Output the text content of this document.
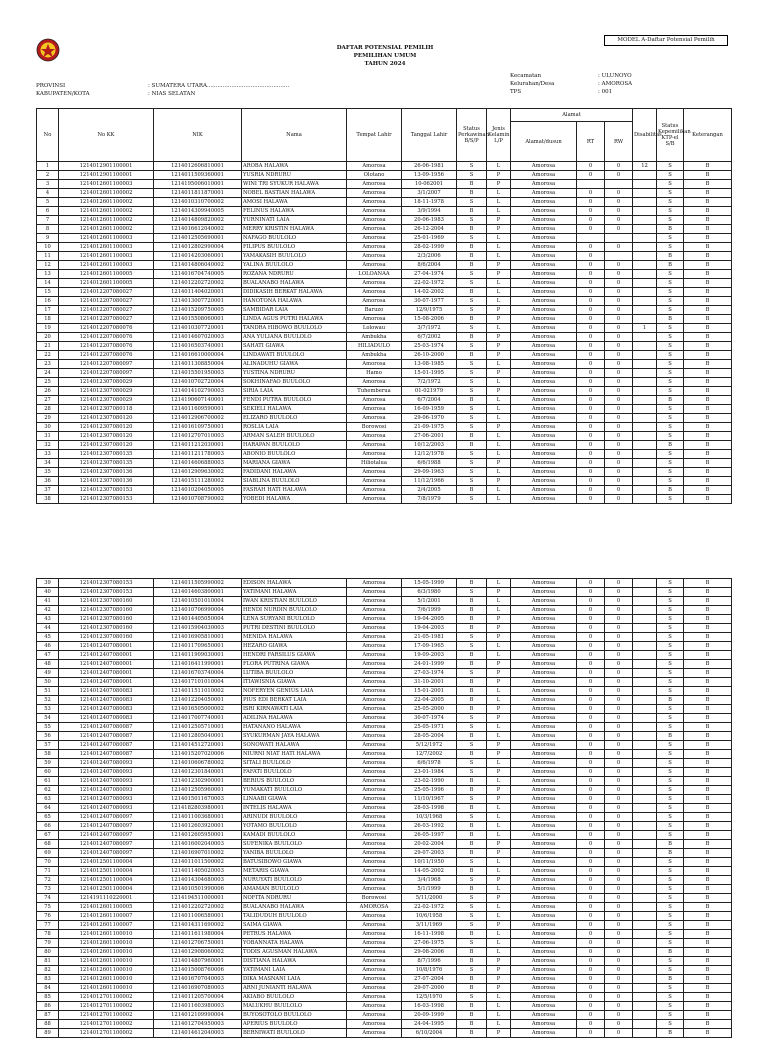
MODEL A-Daftar Potensial Pemilih
DAFTAR POTENSIAL PEMILIH
PEMILIHAN UMUM
TAHUN 2024
PROVINSI	: SUMATERA UTARA...............................................
KABUPATEN/KOTA	: NIAS SELATAN
Kecamatan	: ULUNOYO
Kelurahan/Desa	: AMOROSA
TPS	: 001
No	No KK	NIK	Nama	Tempat Lahir	Tanggal Lahir	Status Perkawinan B/S/P	Jenis Kelamin L/P	Alamat			Disabilitas	Status Kepemilikan KTP-el S/B	Keterangan
								Alamat/dusun	RT	RW			
1	1214012901100001	1214012606810001	AROBA HALAWA	Amorosa	26-06-1981	S	L	Amorosa	0	0	12	S	B
2	1214012901100001	1214011509360001	YUSRIA NDRURU	Olotano	13-09-1956	S	P	Amorosa	0	0		S	B
3	1214012601100003	1214195006010001	WINI TRI SYUKUR HALAWA	Amorosa	10-062001	B	P	Amorosa				S	B
4	1214012601100002	1214011811870001	NOBEL BASTIAN HALAWA	Amorosa	3/1/2007	B	L	Amorosa	0	0		S	B
5	1214012601100002	1214010310700002	AMOSI HALAWA	Amorosa	18-11-1978	S	L	Amorosa	0	0		S	B
6	1214012601100002	1214014309940005	FELINUS HALAWA	Amorosa	3/9/1994	B	L	Amorosa	0	0		S	B
7	1214012601100002	1214014809820002	YURNINATI LAIA	Amorosa	20-06-1983	S	P	Amorosa	0	0		S	B
8	1214012601100002	1214016612040002	MERRY KRISTIN HALAWA	Amorosa	26-12-2004	B	P	Amorosa	0	0		B	B
9	1214012601100003	1214012505690001	NAFAGO BUULOLO	Amorosa	25-01-1969	S	L	Amorosa				S	B
10	1214012601100003	1214012802990004	FILIPUS BUULOLO	Amorosa	28-02-1999	B	L	Amorosa	0	0		S	B
11	1214012601100003	1214014203060001	YAMAKASIH BUULOLO	Amorosa	2/3/2006	B	L	Amorosa	0			B	B
12	1214012601100003	1214014806040002	YALINA BUULOLO	Amorosa	8/6/2004	B	P	Amorosa	0	0		B	B
13	1214012601100005	1214016704740005	ROZANA NDRURU	LOLOANAA	27-04-1974	S	P	Amorosa	0	0		S	B
14	1214012601100005	1214012202720002	BUALANABO HALAWA	Amorosa	22-02-1972	S	L	Amorosa	0	0		S	B
15	1214012207080027	1214011404020001	DIDIKASIH BERKAT HALAWA	Amorosa	14-02-2002	B	L	Amorosa	0	0		S	B
16	1214012207080027	1214013007720001	HANOTONA HALAWA	Amorosa	30-07-1977	S	L	Amorosa	0	0		S	B
17	1214012207080027	1214015209750005	SAMBIDAR LAIA	Baruzo	12/9/1975	S	P	Amorosa	0	0		S	B
18	1214012207080027	1214015508060001	LINDA AGUS PUTRI HALAWA	Amorosa	15-08-2006	B	P	Amorosa	0	0		B	B
19	1214012207080076	1214010307720001	TANDRA HIBOWO BUULOLO	Lolowau	3/7/1972	S	L	Amorosa	0	0	1	S	B
20	1214012207080076	1214014607020003	ANA YULIANA BUULOLO	Ambukha	6/7/2002	B	P	Amorosa	0	0		S	B
21	1214012207080076	1214016503740001	SAHATI GIAWA	HILIADULO	25-03-1974	S	P	Amorosa	0	0		S	B
22	1214012207080076	1214016610000004	LINDAWATI BUULOLO	Ambukha	26-10-2000	B	P	Amorosa	0	0		S	B
23	1214012207080097	1214011308850004	ALINADUHU GIAWA	Amorosa	13-08-1985	S	L	Amorosa	0	0		S	B
24	1214012207080097	1214015501950003	YUSTINA NDRURU	Hamo	15-01-1995	S	P	Amorosa	0	0		S	B
25	1214012307080029	1214010702720004	SOKHINAFAO BUULOLO	Amorosa	7/2/1972	S	L	Amorosa	0	0		S	B
26	1214012307080029	1214014102790003	SIRIA LAIA	Tuhemberua	01-021979	S	P	Amorosa	0	0		S	B
27	1214012307080029	1214190607140001	FENDI PUTRA BUULOLO	Amorosa	6/7/2004	B	L	Amorosa	0	0		B	B
28	1214012307080118	1214011609590001	SEKIELI HALAWA	Amorosa	16-09-1959	S	L	Amorosa	0	0		S	B
29	1214012307080120	1214012906700002	ELIZARO BUULOLO	Amorosa	29-06-1970	S	L	Amorosa	0	0		S	B
30	1214012307080120	1214016109750001	ROSLIA LAIA	Borowosi	21-09-1975	S	P	Amorosa	0	0		S	B
31	1214012307080120	1214012707010003	ARMAN SALEH BUULOLO	Amorosa	27-06-2001	B	L	Amorosa	0	0		S	B
32	1214012307080120	1214011212030001	HARAPAN BUULOLO	Amorosa	10/12/2003	B	L	Amorosa	0	0		B	B
33	1214012307080135	1214011211780003	ABONIO BUULOLO	Amorosa	12/12/1978	S	L	Amorosa	0	0		S	B
34	1214012307080135	1214014606880003	MARIANA GIAWA	Hiliotalua	6/6/1988	S	P	Amorosa	0	0		S	B
35	1214012307080136	1214012909630002	FADIDANI HALAWA	Amorosa	29-09-1963	S	L	Amorosa	0	0		S	B
36	1214012307080136	1214015111280002	SIABLINA BUULOLO	Amorosa	11/12/1966	S	P	Amorosa	0	0		S	B
37	1214012307080153	1214010204050005	FASRAH HATI HALAWA	Amorosa	2/4/2005	B	L	Amorosa	0	0		B	B
38	1214012307080153	1214010708790002	YOBEDI HALAWA	Amorosa	7/8/1979	S	L	Amorosa	0	0		S	B
39	1214012307080153	1214011505990002	EDISON HALAWA	Amorosa	15-05-1999	B	L	Amorosa	0	0		S	B
40	1214012307080153	1214014603800001	YATIMANI HALAWA	Amorosa	6/3/1980	S	P	Amorosa	0	0		S	B
41	1214012307080160	1214010501010004	IWAN KRISTIAN BUULOLO	Amorosa	5/1/2001	B	L	Amorosa	0	0		S	B
42	1214012307080160	1214010706990004	HENDI NURDIN BUULOLO	Amorosa	7/6/1999	B	L	Amorosa	0	0		S	B
43	1214012307080160	1214014405050004	LENA SURYANI BUULOLO	Amorosa	19-04-2005	B	P	Amorosa	0	0		S	B
44	1214012307080160	1214015904030003	PUTRI DESTINI BUULOLO	Amorosa	19-04-2003	B	P	Amorosa	0	0		S	B
45	1214012307080160	1214016905810001	MENIDA HALAWA	Amorosa	21-05-1981	S	P	Amorosa	0	0		S	B
46	1214012407080001	1214011709650001	HEZARO GIAWA	Amorosa	17-09-1965	S	L	Amorosa	0	0		S	B
47	1214012407080001	1214011909030001	HENDRI FARSILUS GIAWA	Amorosa	19-09-2003	B	L	Amorosa	0	0		S	B
48	1214012407080001	1214016411990001	FLORA PUTRINA GIAWA	Amorosa	24-01-1999	B	P	Amorosa	0	0		S	B
49	1214012407080001	1214016703740004	LUTIBA BUULOLO	Amorosa	27-03-1974	S	P	Amorosa	0	0		S	B
50	1214012407080001	1214017101010004	ITIAWISNIA GIAWA	Amorosa	31-10-2001	B	P	Amorosa	0	0		S	B
51	1214012407080083	1214011511010002	NOFERYEN GENIUS LAIA	Amorosa	15-01-2001	B	L	Amorosa	0	0		S	B
52	1214012407080083	1214012204050001	PIUS EDI BERKAT LAIA	Amorosa	22-04-2005	B	L	Amorosa	0	0		B	B
53	1214012407080083	1214016505000002	ISRI KIRNAWATI LAIA	Amorosa	25-05-2000	B	P	Amorosa	0	0		S	B
54	1214012407080083	1214017007740001	ADILINA HALAWA	Amorosa	30-07-1974	S	P	Amorosa	0	0		S	B
55	1214012407080087	1214012505710001	HATANANO HALAWA	Amorosa	25-05-1971	S	L	Amorosa	0	0		S	B
56	1214012407080087	1214012805040001	SYUKURMAN JAYA HALAWA	Amorosa	28-05-2004	B	L	Amorosa	0	0		B	B
57	1214012407080087	1214014512720001	SONOWATI HALAWA	Amorosa	5/12/1972	S	P	Amorosa	0	0		S	B
58	1214012407080087	1214015207020006	NIURNI NIAT HATI HALAWA	Amorosa	12/7/2002	B	P	Amorosa	0	0		S	B
59	1214012407080093	1214010606780002	SITALI BUULOLO	Amorosa	6/6/1978	S	L	Amorosa	0	0		S	B
60	1214012407080093	1214012301840001	FAFATI BUULOLO	Amorosa	23-01-1984	S	P	Amorosa	0	0		S	B
61	1214012407080093	1214012302900001	BERIUS BUULOLO	Amorosa	23-02-1990	B	L	Amorosa	0	0		S	B
62	1214012407080093	1214012505960001	YUMAKATI BUULOLO	Amorosa	25-05-1996	B	P	Amorosa	0	0		S	B
63	1214012407080093	1214015011670003	LINAABI GIAWA	Amorosa	11/10/1967	S	P	Amorosa	0	0		S	B
64	1214012407080093	1214182803980001	INTELIS HALAWA	Amorosa	28-03-1998	B	L	Amorosa	0	0		S	B
65	1214012407080097	1214011003680001	ARINUDI BUULOLO	Amorosa	10/3/1968	S	L	Amorosa	0	0		S	B
66	1214012407080097	1214012603920001	YOTAMO BUULOLO	Amorosa	26-03-1992	B	L	Amorosa	0	0		S	B
67	1214012407080097	1214012605950001	KAMADI BUULOLO	Amorosa	26-05-1997	B	L	Amorosa	0	0		S	B
68	1214012407080097	1214016002040003	SUFENIKA BUULOLO	Amorosa	20-02-2004	B	P	Amorosa	0	0		B	B
69	1214012407080097	1214016907010002	YANIBA BUULOLO	Amorosa	29-07-2003	B	P	Amorosa	0	0		B	B
70	1214012501100004	1214011011500002	BATUSIBOWO GIAWA	Amorosa	10/11/1950	S	L	Amorosa	0	0		S	B
71	1214012501100004	1214011405020003	METARIS GIAWA	Amorosa	14-05-2002	B	L	Amorosa	0	0		S	B
72	1214012501100004	1214014304680003	NURUYATI BUULOLO	Amorosa	3/4/1968	S	P	Amorosa	0	0		S	B
73	1214012501100004	1214010501990006	AMAMAN BUULOLO	Amorosa	5/1/1999	B	L	Amorosa	0	0		S	B
74	1214191110220001	1214194511000001	NOFITA NDRURU	Borowosi	5/11/2000	S	P	Amorosa	0	0		S	B
75	1214012601100005	1214012202720002	BUALANABO HALAWA	AMOROSA	22-02-1972	S	L	Amorosa	0	0		S	B
76	1214012601100007	1214011006580001	TALIDUDUH BUULOLO	Amorosa	10/6/1958	S	L	Amorosa	0	0		S	B
77	1214012601100007	1214014311690002	SAIMA GIAWA	Amorosa	3/11/1969	S	P	Amorosa	0	0		S	B
78	1214012601100010	1214011611980004	PETRUS HALAWA	Amorosa	16-11-1998	B	L	Amorosa	0	0		S	B
79	1214012601100010	1214012706750001	YOBANNATA HALAWA	Amorosa	27-06-1975	S	L	Amorosa	0	0		S	B
80	1214012601100010	1214012908060002	TODIS AGUSMAN HALAWA	Amorosa	29-08-2006	B	L	Amorosa	0	0		B	B
81	1214012601100010	1214014807960001	DISTIANA HALAWA	Amorosa	8/7/1996	B	P	Amorosa	0	0		S	B
82	1214012601100010	1214015008760006	YATIMANI LAIA	Amorosa	10/8/1976	S	P	Amorosa	0	0		S	B
83	1214012601100010	1214016707040003	DIKA MASNANI LAIA	Amorosa	27-07-2004	B	P	Amorosa	0	0		B	B
84	1214012601100010	1214016907080003	ARNI JUNIANTI HALAWA	Amorosa	29-07-2000	B	P	Amorosa	0	0		S	B
85	1214012701100002	1214011205700004	AKIABO BUULOLO	Amorosa	12/5/1970	S	L	Amorosa	0	0		S	B
86	1214012701100002	1214011603980003	MALUKHU BUULOLO	Amorosa	16-03-1998	B	L	Amorosa	0	0		S	B
87	1214012701100002	1214012109990004	BUYOSOTOLO BUULOLO	Amorosa	20-09-1999	B	L	Amorosa	0	0		S	B
88	1214012701100002	1214012704950003	APERIUS BUULOLO	Amorosa	24-04-1995	B	L	Amorosa	0	0		S	B
89	1214012701100002	1214014612040003	BERNIWATI BUULOLO	Amorosa	6/10/2004	B	P	Amorosa	0	0		B	B
